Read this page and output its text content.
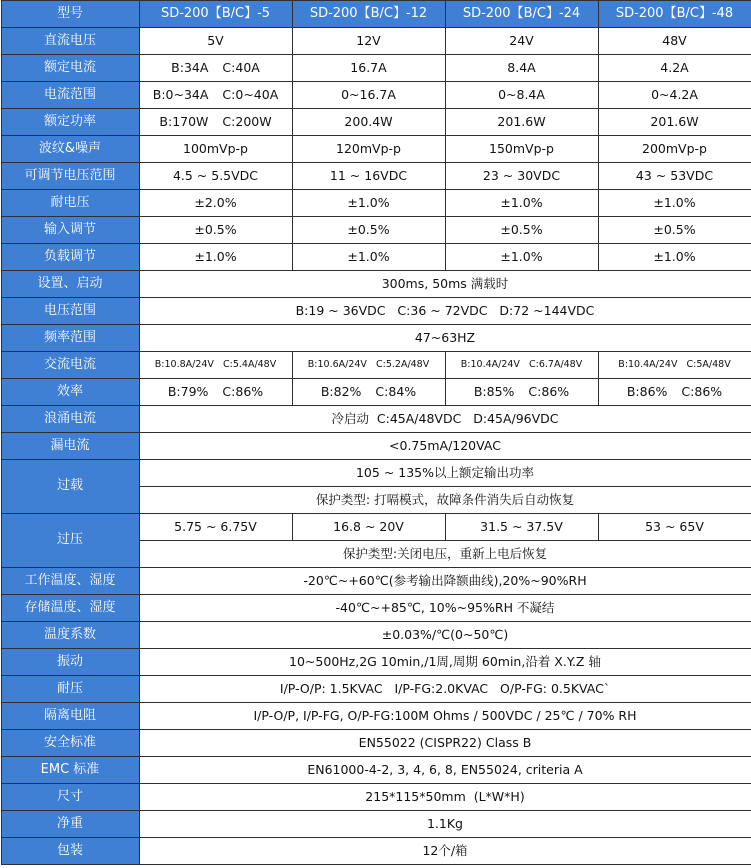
型号	SD-200【B/C】-5	SD-200【B/C】-12	SD-200【B/C】-24	SD-200【B/C】-48
直流电压	5V	12V	24V	48V
额定电流	B:34A C:40A	16.7A	8.4A	4.2A
电流范围	B:0~34A C:0~40A	0~16.7A	0~8.4A	0~4.2A
额定功率	B:170W C:200W	200.4W	201.6W	201.6W
波纹&噪声	100mVp-p	120mVp-p	150mVp-p	200mVp-p
可调节电压范围	4.5 ~ 5.5VDC	11 ~ 16VDC	23 ~ 30VDC	43 ~ 53VDC
耐电压	±2.0%	±1.0%	±1.0%	±1.0%
输入调节	±0.5%	±0.5%	±0.5%	±0.5%
负载调节	±1.0%	±1.0%	±1.0%	±1.0%
设置、启动	300ms, 50ms 满载时			
电压范围	B:19 ~ 36VDC   C:36 ~ 72VDC   D:72 ~144VDC			
频率范围	47~63HZ			
交流电流	B:10.8A/24V C:5.4A/48V	B:10.6A/24V C:5.2A/48V	B:10.4A/24V C:6.7A/48V	B:10.4A/24V C:5A/48V
效率	B:79% C:86%	B:82% C:84%	B:85% C:86%	B:86% C:86%
浪涌电流	冷启动  C:45A/48VDC   D:45A/96VDC			
漏电流	<0.75mA/120VAC			
过载	105 ~ 135%以上额定输出功率			
	保护类型: 打嗝模式，故障条件消失后自动恢复			
过压	5.75 ~ 6.75V	16.8 ~ 20V	31.5 ~ 37.5V	53 ~ 65V
	保护类型:关闭电压，重新上电后恢复			
工作温度、湿度	-20℃~+60℃(参考输出降额曲线),20%~90%RH			
存储温度、湿度	-40℃~+85℃, 10%~95%RH 不凝结			
温度系数	±0.03%/℃(0~50℃)			
振动	10~500Hz,2G 10min,/1周,周期 60min,沿着 X.Y.Z 轴			
耐压	I/P-O/P: 1.5KVAC   I/P-FG:2.0KVAC   O/P-FG: 0.5KVAC`			
隔离电阻	I/P-O/P, I/P-FG, O/P-FG:100M Ohms / 500VDC / 25℃ / 70% RH			
安全标准	EN55022 (CISPR22) Class B			
EMC 标准	EN61000-4-2, 3, 4, 6, 8, EN55024, criteria A			
尺寸	215*115*50mm  (L*W*H)			
净重	1.1Kg			
包装	12个/箱			
